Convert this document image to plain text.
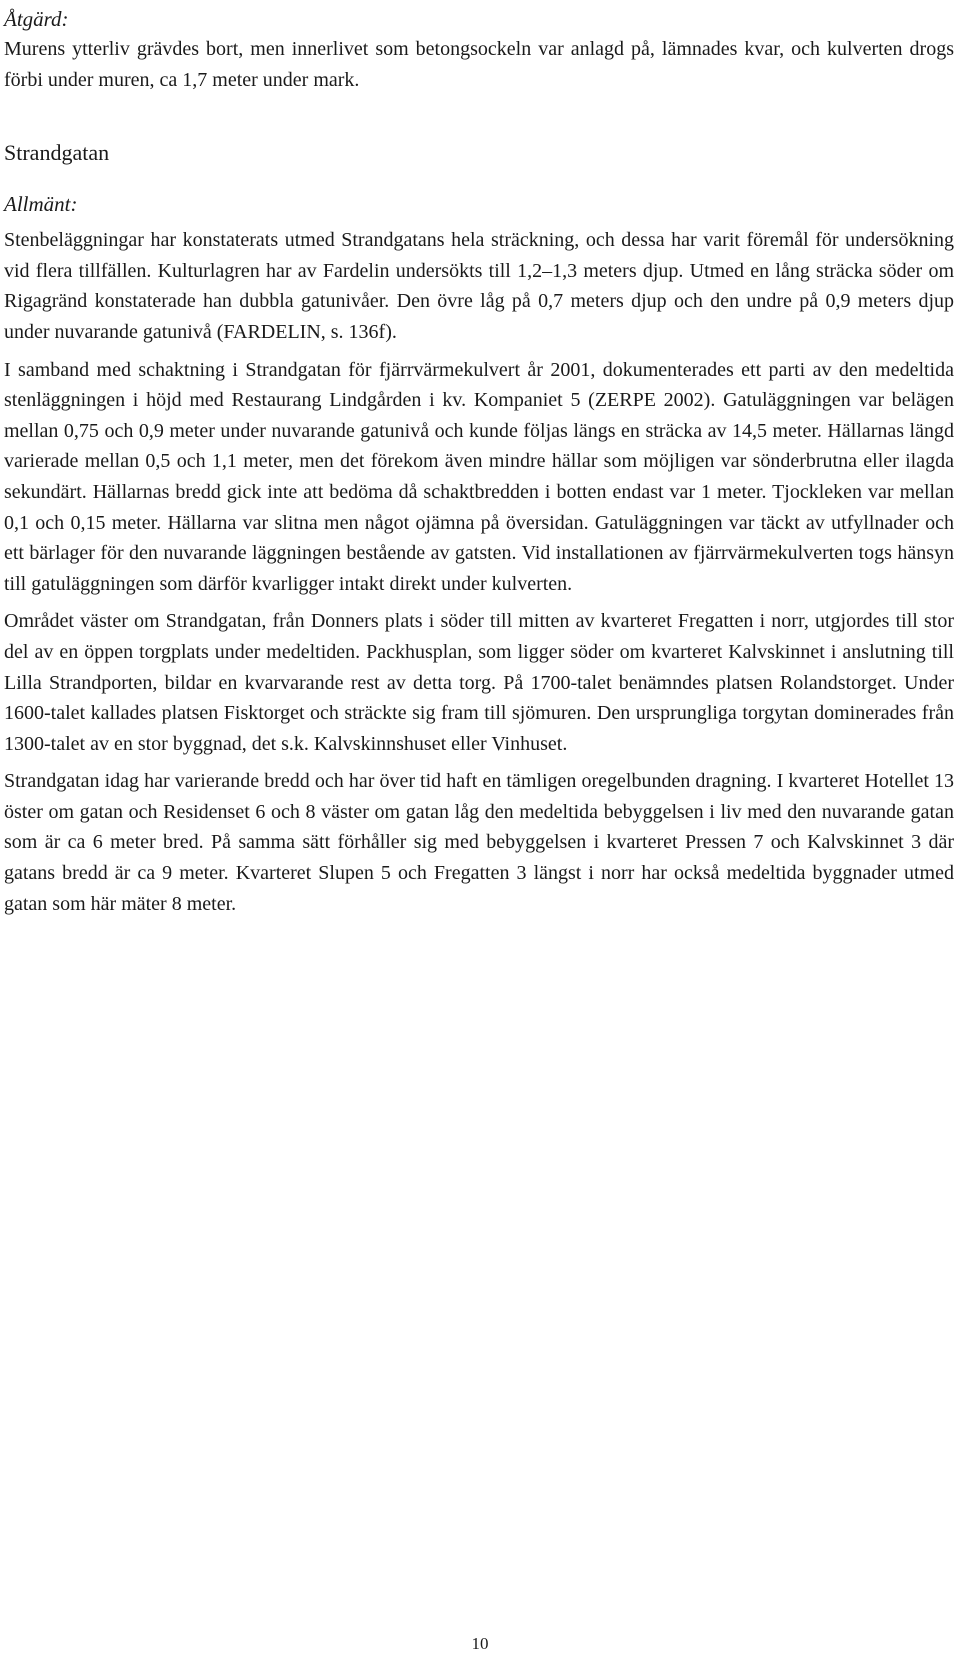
Åtgärd:

Murens ytterliv grävdes bort, men innerlivet som betongsockeln var anlagd på, lämnades kvar, och kulverten drogs förbi under muren, ca 1,7 meter under mark.

Strandgatan

Allmänt:

Stenbeläggningar har konstaterats utmed Strandgatans hela sträckning, och dessa har varit föremål för undersökning vid flera tillfällen. Kulturlagren har av Fardelin undersökts till 1,2–1,3 meters djup. Utmed en lång sträcka söder om Rigagränd konstaterade han dubbla gatunivåer. Den övre låg på 0,7 meters djup och den undre på 0,9 meters djup under nuvarande gatunivå (FARDELIN, s. 136f).

I samband med schaktning i Strandgatan för fjärrvärmekulvert år 2001, dokumenterades ett parti av den medeltida stenläggningen i höjd med Restaurang Lindgården i kv. Kompaniet 5 (ZERPE 2002). Gatuläggningen var belägen mellan 0,75 och 0,9 meter under nuvarande gatunivå och kunde följas längs en sträcka av 14,5 meter. Hällarnas längd varierade mellan 0,5 och 1,1 meter, men det förekom även mindre hällar som möjligen var sönderbrutna eller ilagda sekundärt. Hällarnas bredd gick inte att bedöma då schaktbredden i botten endast var 1 meter. Tjockleken var mellan 0,1 och 0,15 meter. Hällarna var slitna men något ojämna på översidan. Gatuläggningen var täckt av utfyllnader och ett bärlager för den nuvarande läggningen bestående av gatsten. Vid installationen av fjärrvärmekulverten togs hänsyn till gatuläggningen som därför kvarligger intakt direkt under kulverten.

Området väster om Strandgatan, från Donners plats i söder till mitten av kvarteret Fregatten i norr, utgjordes till stor del av en öppen torgplats under medeltiden. Packhusplan, som ligger söder om kvarteret Kalvskinnet i anslutning till Lilla Strandporten, bildar en kvarvarande rest av detta torg. På 1700-talet benämndes platsen Rolandstorget. Under 1600-talet kallades platsen Fisktorget och sträckte sig fram till sjömuren. Den ursprungliga torgytan dominerades från 1300-talet av en stor byggnad, det s.k. Kalvskinnshuset eller Vinhuset.

Strandgatan idag har varierande bredd och har över tid haft en tämligen oregelbunden dragning. I kvarteret Hotellet 13 öster om gatan och Residenset 6 och 8 väster om gatan låg den medeltida bebyggelsen i liv med den nuvarande gatan som är ca 6 meter bred. På samma sätt förhåller sig med bebyggelsen i kvarteret Pressen 7 och Kalvskinnet 3 där gatans bredd är ca 9 meter. Kvarteret Slupen 5 och Fregatten 3 längst i norr har också medeltida byggnader utmed gatan som här mäter 8 meter.

10
